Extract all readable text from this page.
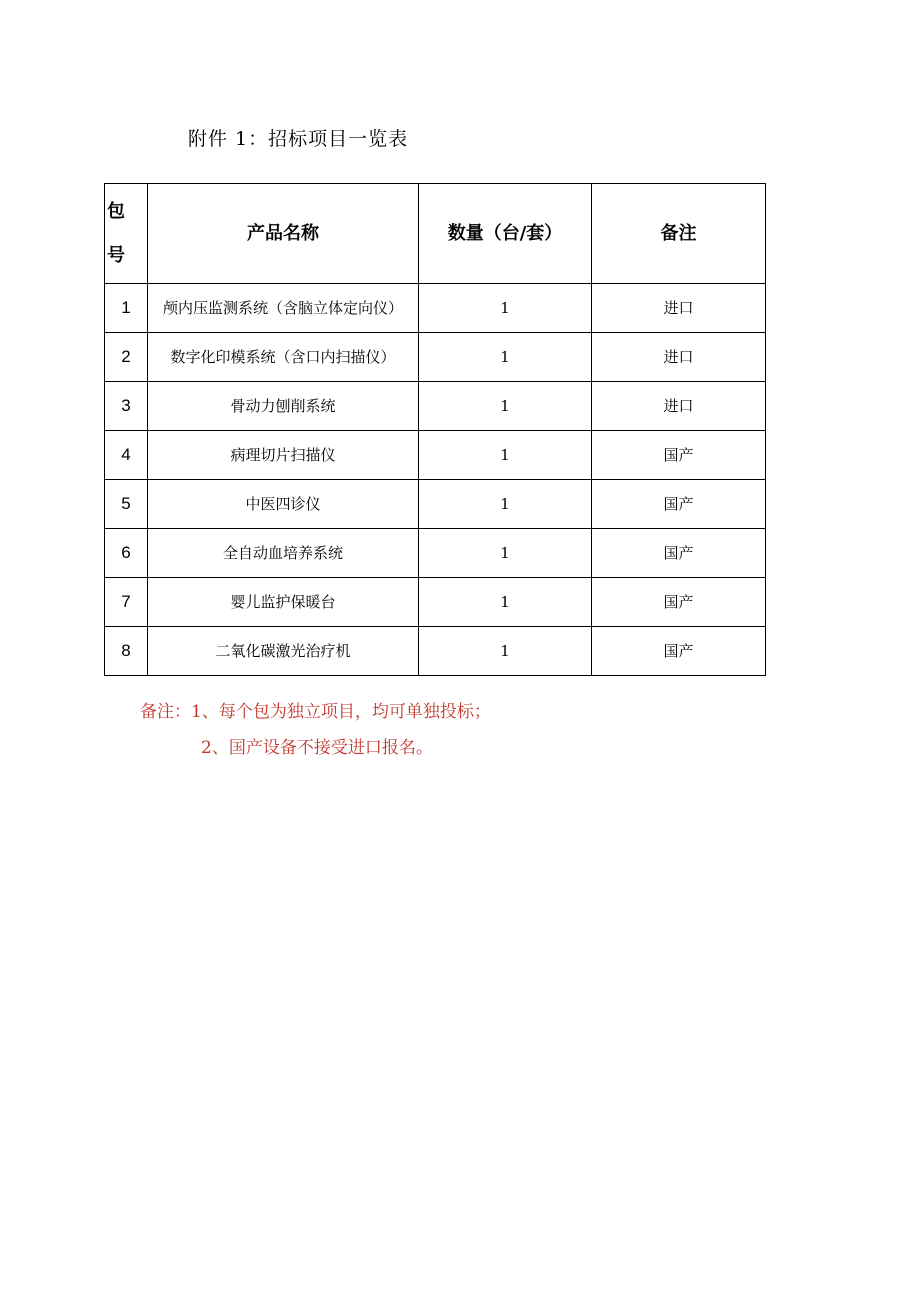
附件 1：招标项目一览表
包
号	产品名称	数量（台/套）	备注
1	颅内压监测系统（含脑立体定向仪）	1	进口
2	数字化印模系统（含口内扫描仪）	1	进口
3	骨动力刨削系统	1	进口
4	病理切片扫描仪	1	国产
5	中医四诊仪	1	国产
6	全自动血培养系统	1	国产
7	婴儿监护保暖台	1	国产
8	二氧化碳激光治疗机	1	国产
备注：1、每个包为独立项目，均可单独投标；
2、国产设备不接受进口报名。
